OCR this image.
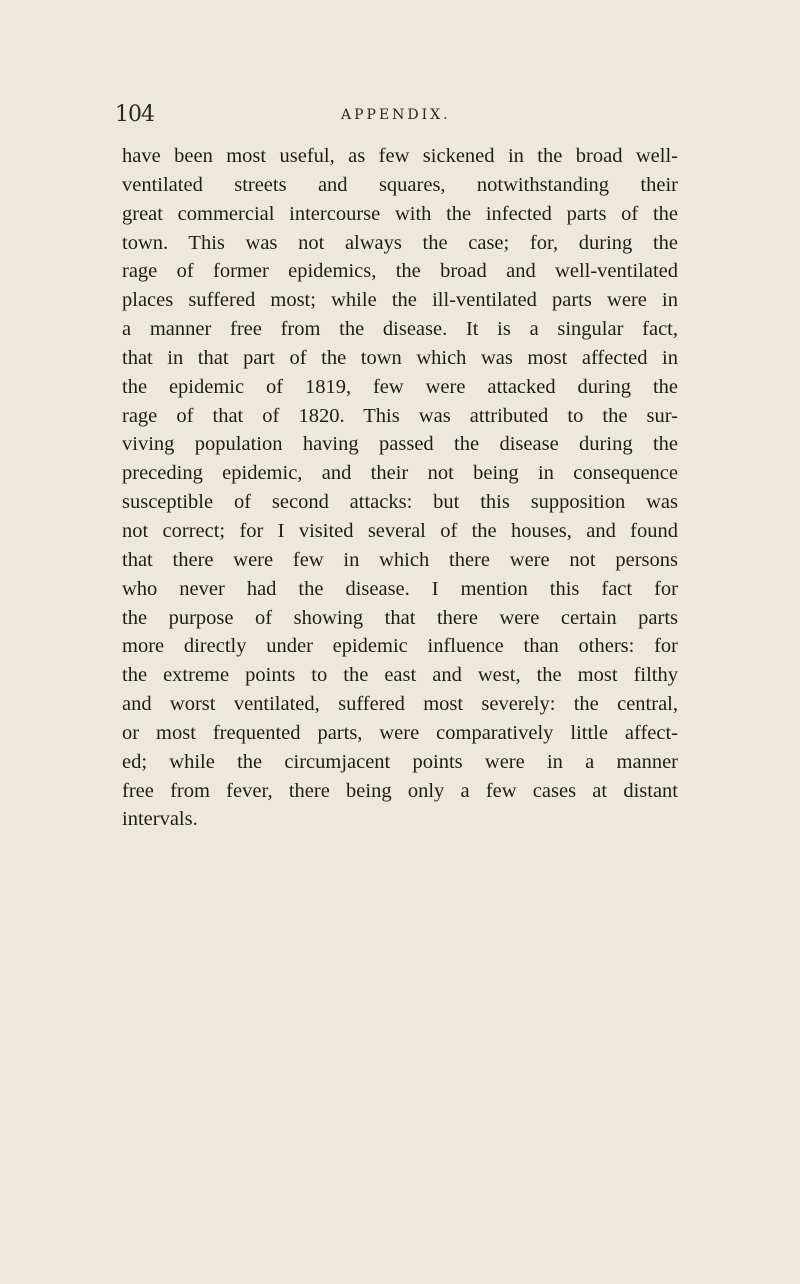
104	APPENDIX.
have been most useful, as few sickened in the broad well-
ventilated streets and squares, notwithstanding their
great commercial intercourse with the infected parts of the
town. This was not always the case; for, during the
rage of former epidemics, the broad and well-ventilated
places suffered most; while the ill-ventilated parts were in
a manner free from the disease. It is a singular fact,
that in that part of the town which was most affected in
the epidemic of 1819, few were attacked during the
rage of that of 1820. This was attributed to the sur-
viving population having passed the disease during the
preceding epidemic, and their not being in consequence
susceptible of second attacks: but this supposition was
not correct; for I visited several of the houses, and found
that there were few in which there were not persons
who never had the disease. I mention this fact for
the purpose of showing that there were certain parts
more directly under epidemic influence than others: for
the extreme points to the east and west, the most filthy
and worst ventilated, suffered most severely: the central,
or most frequented parts, were comparatively little affect-
ed; while the circumjacent points were in a manner
free from fever, there being only a few cases at distant
intervals.
